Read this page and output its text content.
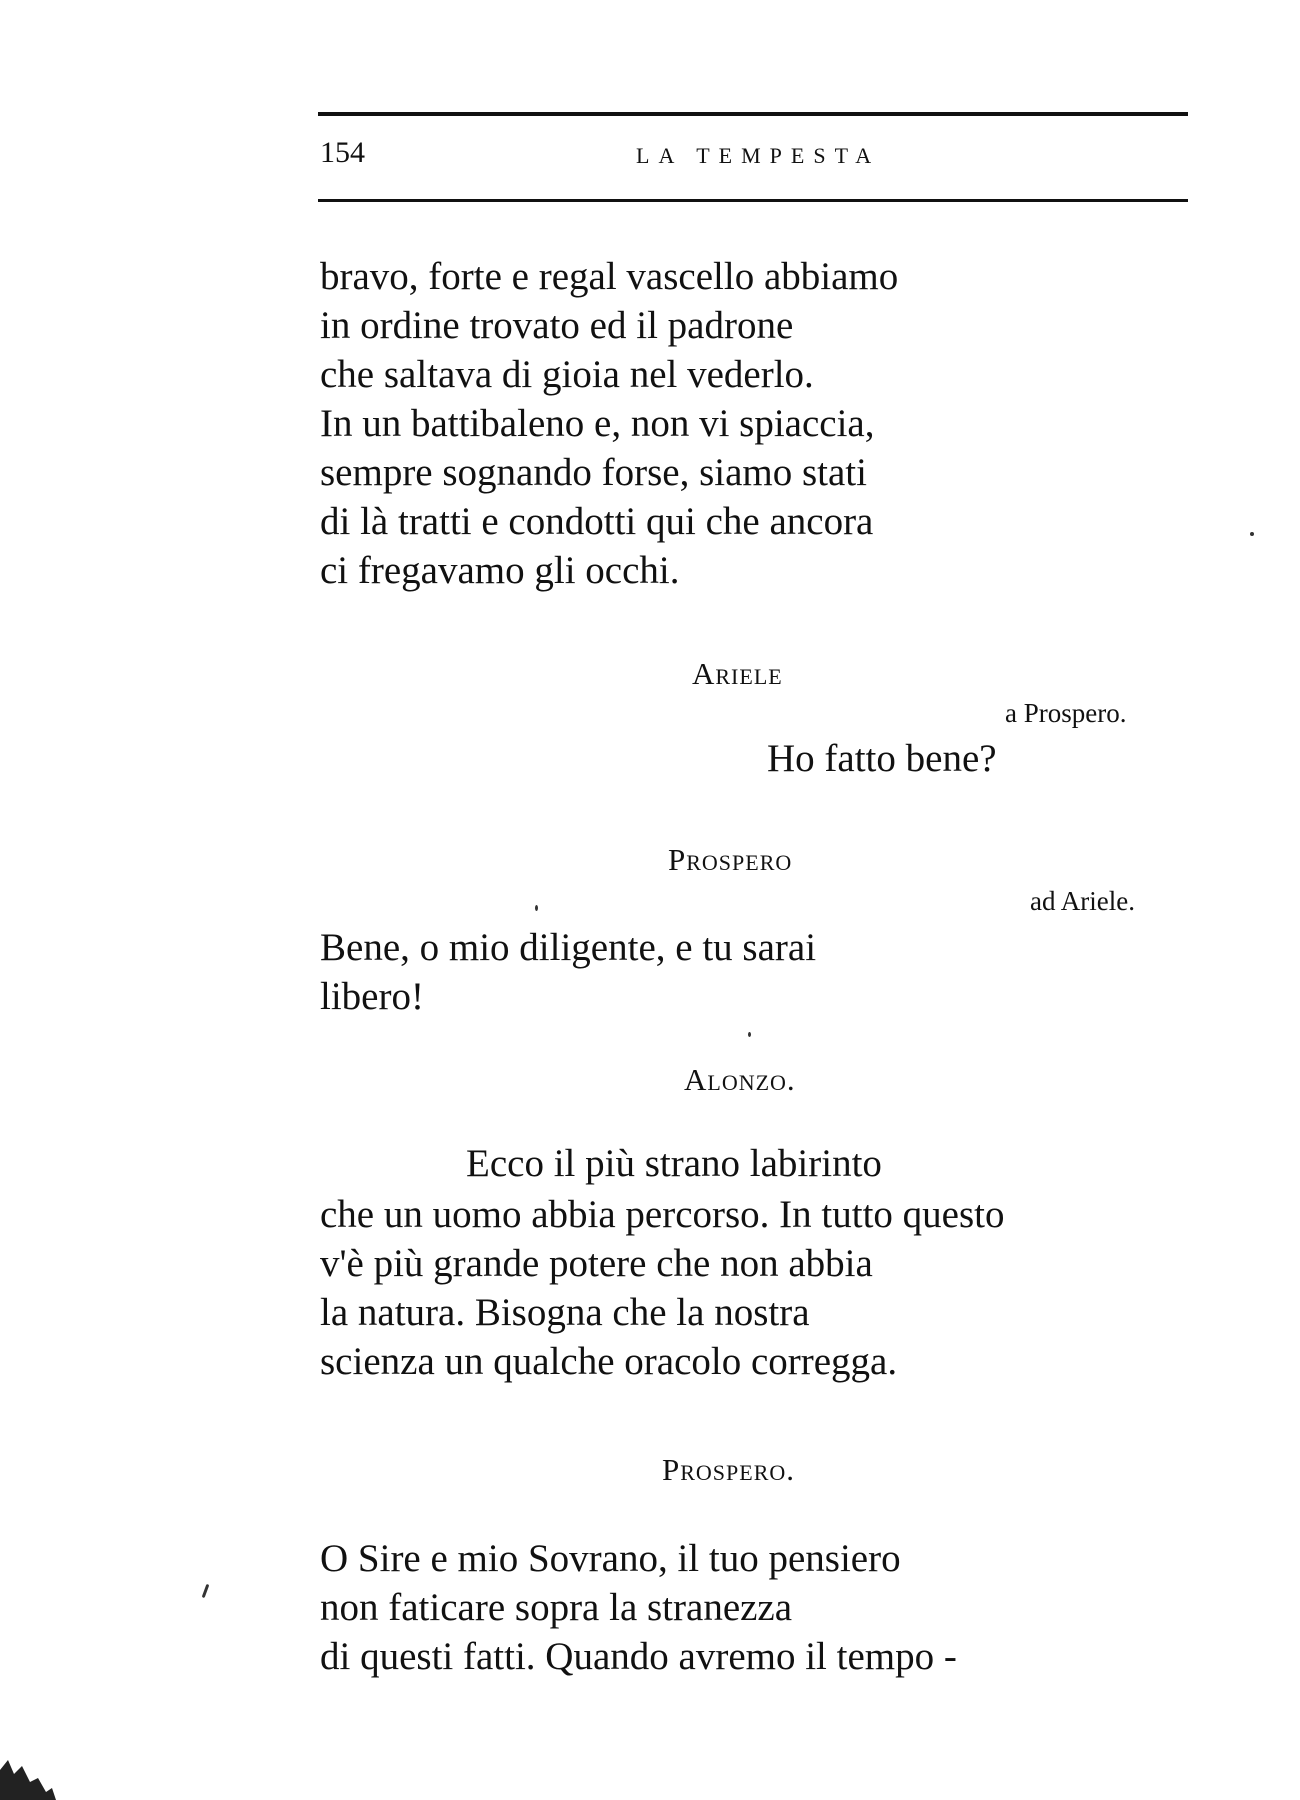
154	LA TEMPESTA
bravo, forte e regal vascello abbiamo
in ordine trovato ed il padrone
che saltava di gioia nel vederlo.
In un battibaleno e, non vi spiaccia,
sempre sognando forse, siamo stati
di là tratti e condotti qui che ancora
ci fregavamo gli occhi.
Ariele
a Prospero.
Ho fatto bene?
Prospero
ad Ariele.
Bene, o mio diligente, e tu sarai
libero!
Alonzo.
Ecco il più strano labirinto
che un uomo abbia percorso. In tutto questo
v'è più grande potere che non abbia
la natura. Bisogna che la nostra
scienza un qualche oracolo corregga.
Prospero.
O Sire e mio Sovrano, il tuo pensiero
non faticare sopra la stranezza
di questi fatti. Quando avremo il tempo -
